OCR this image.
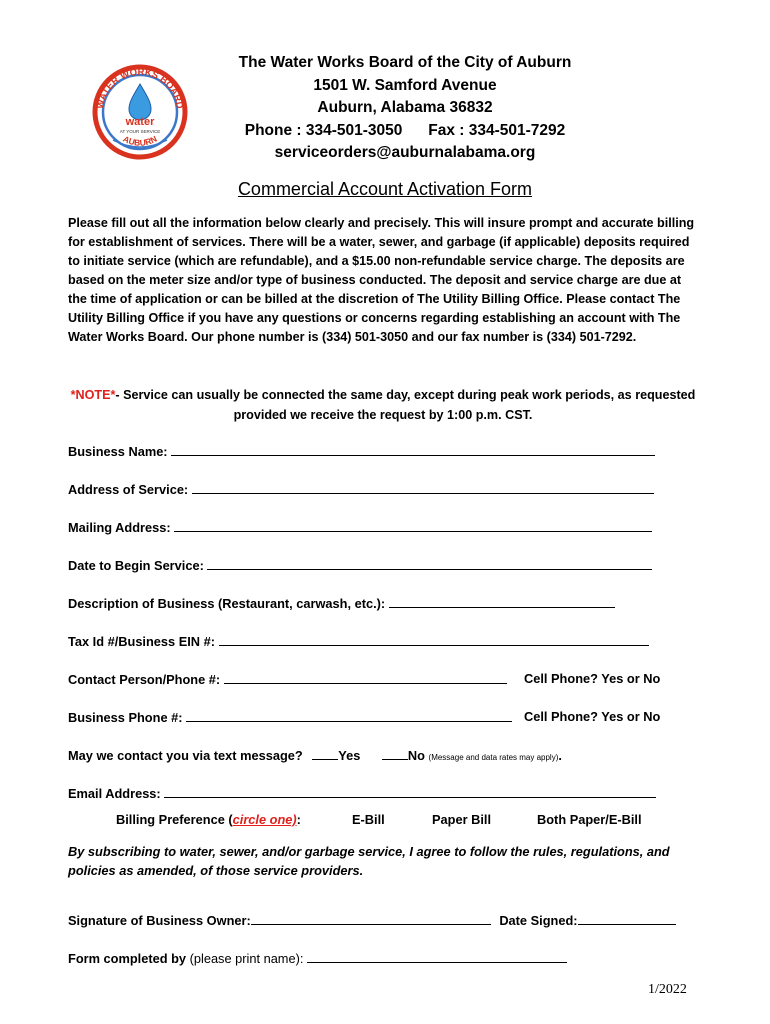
WATER WORKS BOARD
AUBURN
water
AT YOUR SERVICE
The Water Works Board of the City of Auburn
1501 W. Samford Avenue
Auburn, Alabama 36832
Phone : 334-501-3050      Fax : 334-501-7292
serviceorders@auburnalabama.org
Commercial Account Activation Form
Please fill out all the information below clearly and precisely. This will insure prompt and accurate billing for establishment of services. There will be a water, sewer, and garbage (if applicable) deposits required to initiate service (which are refundable), and a $15.00 non-refundable service charge. The deposits are based on the meter size and/or type of business conducted. The deposit and service charge are due at the time of application or can be billed at the discretion of The Utility Billing Office. Please contact The Utility Billing Office if you have any questions or concerns regarding establishing an account with The Water Works Board. Our phone number is (334) 501-3050 and our fax number is (334) 501-7292.
*NOTE*- Service can usually be connected the same day, except during peak work periods, as requested provided we receive the request by 1:00 p.m. CST.
Business Name:
Address of Service:
Mailing Address:
Date to Begin Service:
Description of Business (Restaurant, carwash, etc.):
Tax Id #/Business EIN #:
Contact Person/Phone #:	Cell Phone? Yes or No
Business Phone #:	Cell Phone? Yes or No
May we contact you via text message?	Yes	No (Message and data rates may apply).
Email Address:
Billing Preference (circle one):	E-Bill	Paper Bill	Both Paper/E-Bill
By subscribing to water, sewer, and/or garbage service, I agree to follow the rules, regulations, and policies as amended, of those service providers.
Signature of Business Owner:	Date Signed:
Form completed by (please print name):
1/2022
